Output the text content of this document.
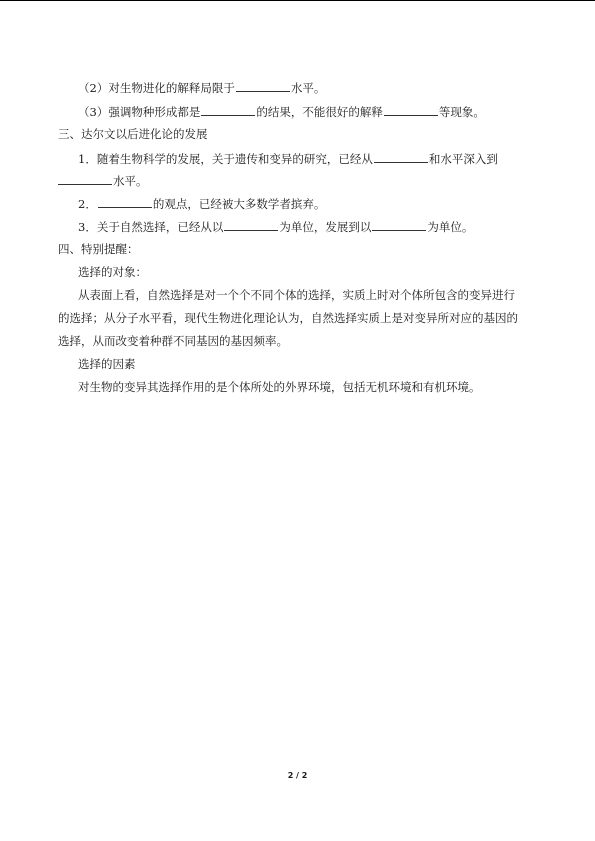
（2）对生物进化的解释局限于	水平。
（3）强调物种形成都是	的结果，不能很好的解释	等现象。
三、达尔文以后进化论的发展
1．随着生物科学的发展，关于遗传和变异的研究，已经从	和水平深入到
水平。
2．	的观点，已经被大多数学者摈弃。
3．关于自然选择，已经从以	为单位，发展到以	为单位。
四、特别提醒：
选择的对象：
从表面上看，自然选择是对一个个不同个体的选择，实质上时对个体所包含的变异进行
的选择；从分子水平看，现代生物进化理论认为，自然选择实质上是对变异所对应的基因的
选择，从而改变着种群不同基因的基因频率。
选择的因素
对生物的变异其选择作用的是个体所处的外界环境，包括无机环境和有机环境。
2 / 2
